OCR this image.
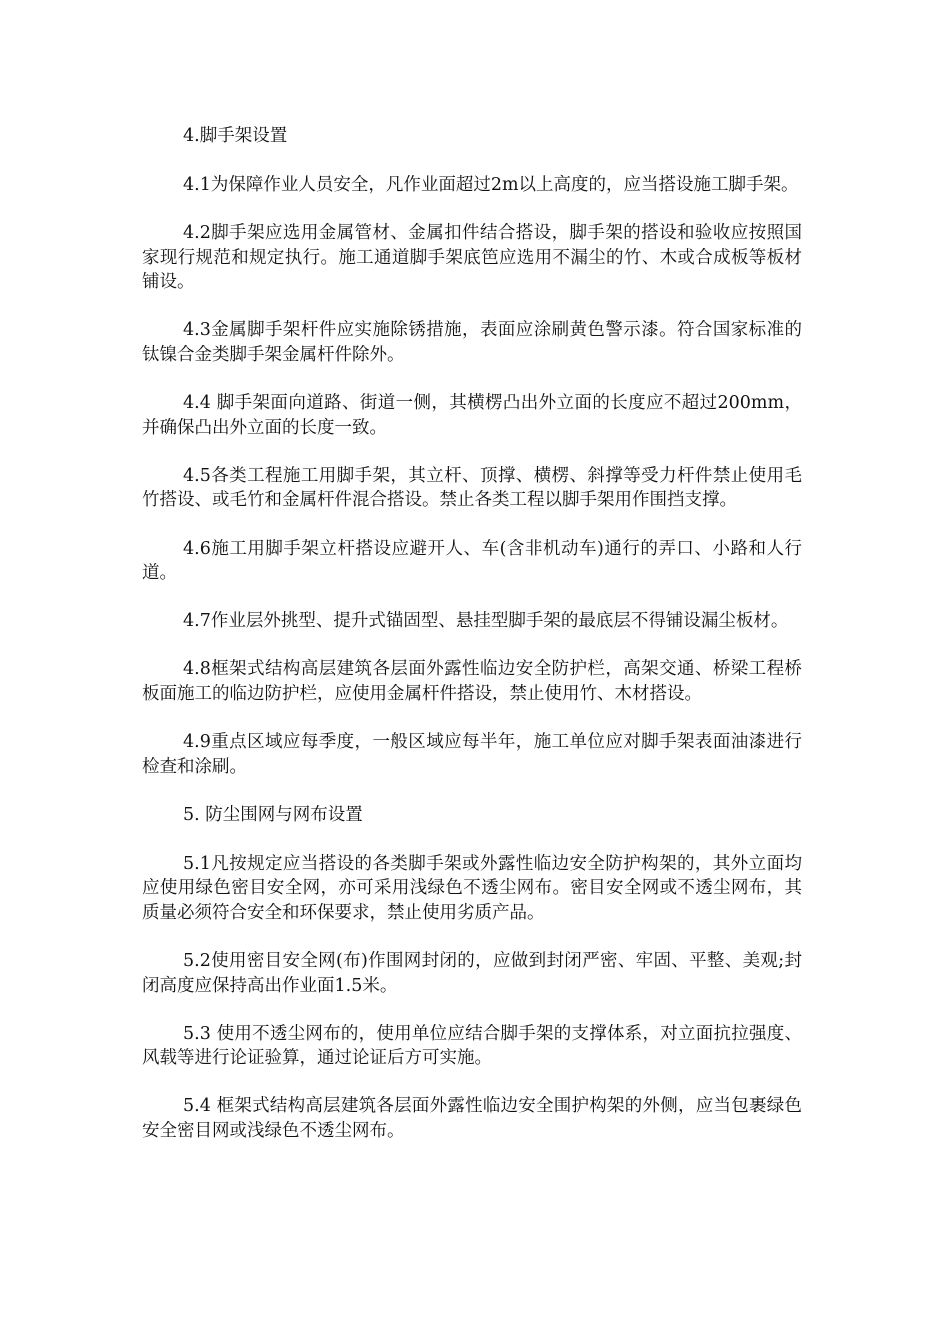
4.脚手架设置

4.1为保障作业人员安全，凡作业面超过2m以上高度的，应当搭设施工脚手架。

4.2脚手架应选用金属管材、金属扣件结合搭设，脚手架的搭设和验收应按照国家现行规范和规定执行。施工通道脚手架底笆应选用不漏尘的竹、木或合成板等板材铺设。

4.3金属脚手架杆件应实施除锈措施，表面应涂刷黄色警示漆。符合国家标准的钛镍合金类脚手架金属杆件除外。

4.4 脚手架面向道路、街道一侧，其横楞凸出外立面的长度应不超过200mm，并确保凸出外立面的长度一致。

4.5各类工程施工用脚手架，其立杆、顶撑、横楞、斜撑等受力杆件禁止使用毛竹搭设、或毛竹和金属杆件混合搭设。禁止各类工程以脚手架用作围挡支撑。

4.6施工用脚手架立杆搭设应避开人、车(含非机动车)通行的弄口、小路和人行道。

4.7作业层外挑型、提升式锚固型、悬挂型脚手架的最底层不得铺设漏尘板材。

4.8框架式结构高层建筑各层面外露性临边安全防护栏，高架交通、桥梁工程桥板面施工的临边防护栏，应使用金属杆件搭设，禁止使用竹、木材搭设。

4.9重点区域应每季度，一般区域应每半年，施工单位应对脚手架表面油漆进行检查和涂刷。

5. 防尘围网与网布设置

5.1凡按规定应当搭设的各类脚手架或外露性临边安全防护构架的，其外立面均应使用绿色密目安全网，亦可采用浅绿色不透尘网布。密目安全网或不透尘网布，其质量必须符合安全和环保要求，禁止使用劣质产品。

5.2使用密目安全网(布)作围网封闭的，应做到封闭严密、牢固、平整、美观;封闭高度应保持高出作业面1.5米。

5.3 使用不透尘网布的，使用单位应结合脚手架的支撑体系，对立面抗拉强度、风载等进行论证验算，通过论证后方可实施。

5.4 框架式结构高层建筑各层面外露性临边安全围护构架的外侧，应当包裹绿色安全密目网或浅绿色不透尘网布。
